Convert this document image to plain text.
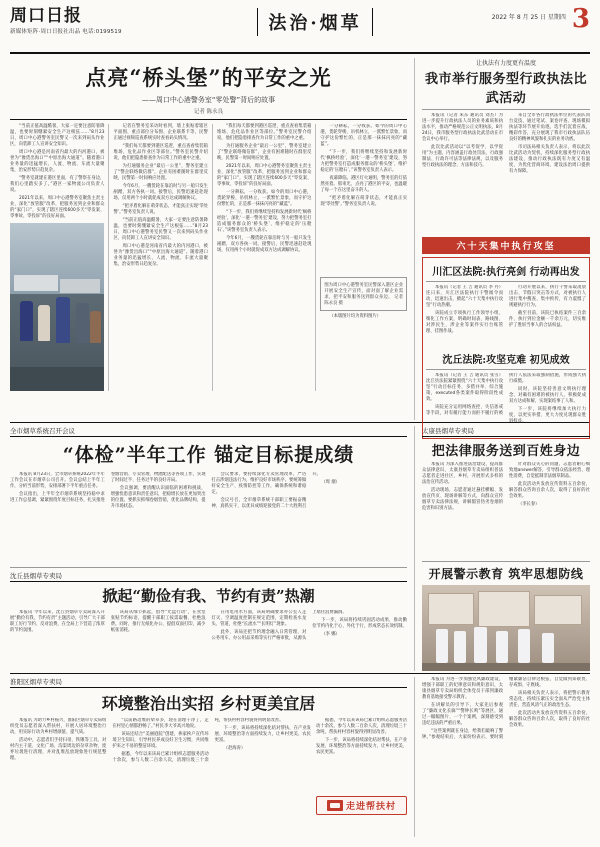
周口日报
新媒体矩阵·周口日报社出品 电话:0199519	法治·烟草	2022 年 8 月 25 日 星期四 3
点亮“桥头堡”的平安之光
——周口中心港警务室“零处警”背后的故事
记者 陈永良

“当前正值高温酷暑，大家一定要注意防暑降温，也要时刻绷紧安全生产这根弦……”8月23日，周口中心港警务室民警又一次来到码头作业区，向装卸工人宣讲安全知识。

周口中心港是河南省内最大的内河港口，被誉为“豫货出海口”“中原出海大通道”。随着港口业务量的迅猛增长，人流、物流、车流大量聚集，治安形势日趋复杂。

“警务室就建在港区里面，有了警察在身边，我们心里踏实多了。”港区一家物流公司负责人说。

2021年以来，周口中心港警务室聚焦主责主业，深化“放管服”改革，把服务送到企业和群众的“家门口”，实现了辖区连续600多天“零发案、零事故、零投诉”的良好局面。

记者在警务室采访时看到，墙上张贴着辖区平面图、重点部位分布图、企业联系卡等，民警正通过视频巡查系统实时查看码头情况。

“我们每天都要到港区巡逻，重点查看集装箱堆场、危化品作业区等部位。”警务室民警介绍说，他们把隐患排查作为日常工作的重中之重。

为打通服务企业“最后一公里”，警务室建立了“警企联络微信群”，企业有困难随时在群里反映，民警第一时间响应处置。

今年6月，一艘货轮在靠泊时与另一船只发生剐蹭，双方各执一词。接警后，民警迅速赶赴现场，仅用两个小时就促成双方达成调解协议。

“把矛盾化解在萌芽状态，才能真正实现‘零处警’。”警务室负责人说。

“当前正值高温酷暑，大家一定要注意防暑降温，也要时刻绷紧安全生产这根弦……”8月23日，周口中心港警务室民警又一次来到码头作业区，向装卸工人宣讲安全知识。

周口中心港是河南省内最大的内河港口，被誉为“豫货出海口”“中原出海大通道”。随着港口业务量的迅猛增长，人流、物流、车流大量聚集，治安形势日趋复杂。

“我们每天都要到港区巡逻，重点查看集装箱堆场、危化品作业区等部位。”警务室民警介绍说，他们把隐患排查作为日常工作的重中之重。

为打通服务企业“最后一公里”，警务室建立了“警企联络微信群”，企业有困难随时在群里反映，民警第一时间响应处置。

2021年以来，周口中心港警务室聚焦主责主业，深化“放管服”改革，把服务送到企业和群众的“家门口”，实现了辖区连续600多天“零发案、零事故、零投诉”的良好局面。

一分耕耘，一分收获。如今的周口中心港，货轮穿梭、吊机林立，一派繁忙景象，而守护这份繁忙的，正是那一抹抹闪亮的“藏蓝”。

“下一步，我们将继续坚持和发展新时代‘枫桥经验’，深化‘一港一警务室’建设，努力把警务室打造成服务群众的‘桥头堡’、维护稳定的‘压舱石’。”该警务室负责人表示。

今年6月，一艘货轮在靠泊时与另一船只发生剐蹭，双方各执一词。接警后，民警迅速赶赴现场，仅用两个小时就促成双方达成调解协议。

一分耕耘，一分收获。如今的周口中心港，货轮穿梭、吊机林立，一派繁忙景象，而守护这份繁忙的，正是那一抹抹闪亮的“藏蓝”。

“下一步，我们将继续坚持和发展新时代‘枫桥经验’，深化‘一港一警务室’建设，努力把警务室打造成服务群众的‘桥头堡’、维护稳定的‘压舱石’。”该警务室负责人表示。

夜幕降临，港区灯火通明，警务室的灯依然亮着。那束光，点亮了港区的平安，也温暖了每一个在这里奋斗的人。

“把矛盾化解在萌芽状态，才能真正实现‘零处警’。”警务室负责人说。

图为周口中心港警务室民警深入港区企业开展安全生产宣传，面对面了解企业需求，把平安和服务送到群众身边。 记者 陈永良 摄

（本版图片均为资料图片）

让执法有力度更有温度
我市举行服务型行政执法比武活动

本报讯（记者 朱东 通讯员 刘杰）为进一步提升行政执法人员的业务素质和执法水平，推动严格规范公正文明执法，8月24日，我市服务型行政执法比武活动在市会议中心举行。

此次比武活动以“以考促学、以学促用”为主题，内容涵盖行政处罚法、行政强制法、行政许可法等法律法规，以及服务型行政执法的理念、方法和技巧。

来自全市各行政执法单位的代表队同台竞技，通过笔试、案卷评查、现场模拟执法等环节展开角逐。选手们沉着应战、精彩作答，充分展现了我市行政执法队伍良好的精神风貌和扎实的业务功底。

市司法局相关负责人表示，将以此次比武活动为契机，持续深化服务型行政执法建设，推动行政执法既有力度又有温度，为优化营商环境、建设法治周口提供有力保障。

六十天集中执行攻坚
川汇区法院:执行亮剑 行动再出发

本报讯（记者 王 吉 通讯员 李 丹）连日来，川汇区法院执行干警闻令而动、迅速出击，掀起“六十天集中执行攻坚”行动热潮。

该院成立专项执行工作领导小组，细化工作方案，明确时间表、路线图，对涉民生、涉企业等案件实行台账管理、挂图作战。

行动开展以来，执行干警采取凌晨出击、节假日突击等方式，对被执行人进行集中搜查、集中拘传，有力震慑了规避执行行为。

截至目前，该院已执结案件三百余件，执行到位金额一千余万元，切实维护了胜诉当事人的合法权益。

沈丘法院:攻坚克难 初见成效

本报讯（记者 王 吉 通讯员 张雪）沈丘县法院紧紧围绕“六十天集中执行攻坚”行动目标任务，多措并举、综合施策，executed各类案件取得阶段性成效。

该院充分运用网络查控、失信惩戒等手段，对有履行能力而拒不履行的被执行人依法采取强制措施，形成强大执行威慑。

同时，该院坚持善意文明执行理念，对确有困难的被执行人，积极促成双方达成和解，实现案结事了人和。

下一步，该院将继续加大执行力度，以更实举措、更大力度兑现群众胜诉权益。

全市烟草系统召开会议
“体检”半年工作 锚定目标提成绩

本报讯 8月23日，全市烟草系统2022年半年工作会议在市烟草公司召开。会议总结上半年工作，分析当前形势，安排部署下半年重点任务。

会议指出，上半年全市烟草系统坚持稳中求进工作总基调，紧紧围绕年度目标任务，扎实推进卷烟营销、专卖管理、物流配送等各项工作，实现了时间过半、任务过半的良好开局。

会议强调，要清醒认识面临的困难和挑战，增强忧患意识和责任意识，把稳增长放在更加突出的位置。要抓实抓细卷烟营销，优化品牌结构，提升市场状态。

会议要求，要持续深化专卖管理改革，严厉打击涉烟违法行为，维护良好市场秩序。要统筹做好安全生产、疫情防控等工作，确保系统和谐稳定。

会议号召，全市烟草系统干部职工要振奋精神、真抓实干，以优异成绩迎接党的二十大胜利召开。

（周 烟）

沈丘县烟草专卖局
掀起“勤俭有我、节约有责”热潮

本报讯 今年以来，沈丘县烟草专卖局深入开展“勤俭有我、节约有责”主题活动，引导广大干部职工厉行节约、反对浪费，在全局上下营造了浓厚的节约氛围。

该局从细节抓起，倡导“光盘行动”，在食堂张贴节约标语，提醒干部职工按需取餐、杜绝浪费。同时，推行无纸化办公，提倡双面打印，减少纸张消耗。

在用电用水方面，该局明确要求办公室人走灯灭、空调温度控制在规定范围，定期检查水龙头、管道，杜绝“长流水”“长明灯”现象。

此外，该局还把节约理念融入日常管理，对公务用车、办公用品采购等实行严格审批，从源头上堵住浪费漏洞。

下一步，该局将持续巩固活动成果，推动勤俭节约内化于心、外化于行，形成常态长效机制。

（李 娜）

太康县烟草专卖局
把法律服务送到百姓身边

本报讯 为深入推进法治建设，提高群众法律意识，太康县烟草专卖局组织普法志愿者走进社区、乡村，开展形式多样的法治宣传活动。

活动现场，志愿者通过悬挂横幅、发放宣传页、现场讲解等方式，向群众宣传烟草专卖法律法规，讲解假冒伪劣卷烟的危害和识别方法。

针对群众关心的问题，志愿者耐心细致地answer解答，引导群众依法经营、理性消费，自觉抵制非法烟草制品。

此次活动共发放宣传资料五百余份，解答群众咨询百余人次，取得了良好的社会效果。

（李长春）

开展警示教育 筑牢思想防线
淮阳区烟草专卖局
环境整治出实招 乡村更美宜居

本报讯 为助力乡村振兴，淮阳区烟草专卖局组织党员志愿者深入帮扶村，开展人居环境整治行动，用实际行动为乡村增颜值、提气质。

活动中，志愿者们手持扫帚、铁锹等工具，对村内主干道、文化广场、沟渠周边的杂草杂物、废弃垃圾进行清理，并对乱堆乱放现象进行规范整理。

“以前路边堆的柴草多，现在清理干净了，走在村里心情都舒畅了。”村民李大爷高兴地说。

该局还结合“美丽庭院”创建，挨家挨户宣传环境卫生知识，引导村民养成良好卫生习惯，共同维护来之不易的整洁环境。

据悉，今年以来该局已累计组织志愿服务活动十余次，参与人数二百余人次，清理垃圾三十余吨，帮扶村村容村貌得到明显改善。

下一步，该局将持续深化结对帮扶，在产业发展、环境整治等方面持续发力，让乡村更美、农民更富。

（赵海涛）

据悉，今年以来该局已累计组织志愿服务活动十余次，参与人数二百余人次，清理垃圾三十余吨，帮扶村村容村貌得到明显改善。

下一步，该局将持续深化结对帮扶，在产业发展、环境整治等方面持续发力，让乡村更美、农民更富。

走进帮扶村

本报讯 为进一步加强党风廉政建设，增强干部职工的纪律意识和规矩意识，太康县烟草专卖局组织全体党员干部到廉政教育基地接受警示教育。

在讲解员的引导下，大家先后参观了“廉政文化长廊”“警钟长鸣”等展区，通过一幅幅图片、一个个案例，深刻感受到违纪违法的严重后果。

“这些案例就在身边，给我们敲响了警钟。”参观结束后，大家纷纷表示，要时刻绷紧廉洁自律这根弦，自觉做到知敬畏、存戒惧、守底线。

该局相关负责人表示，将把警示教育常态化，持续压紧压实全面从严治党主体责任，营造风清气正的政治生态。

此次活动共发放宣传资料五百余份，解答群众咨询百余人次，取得了良好的社会效果。
